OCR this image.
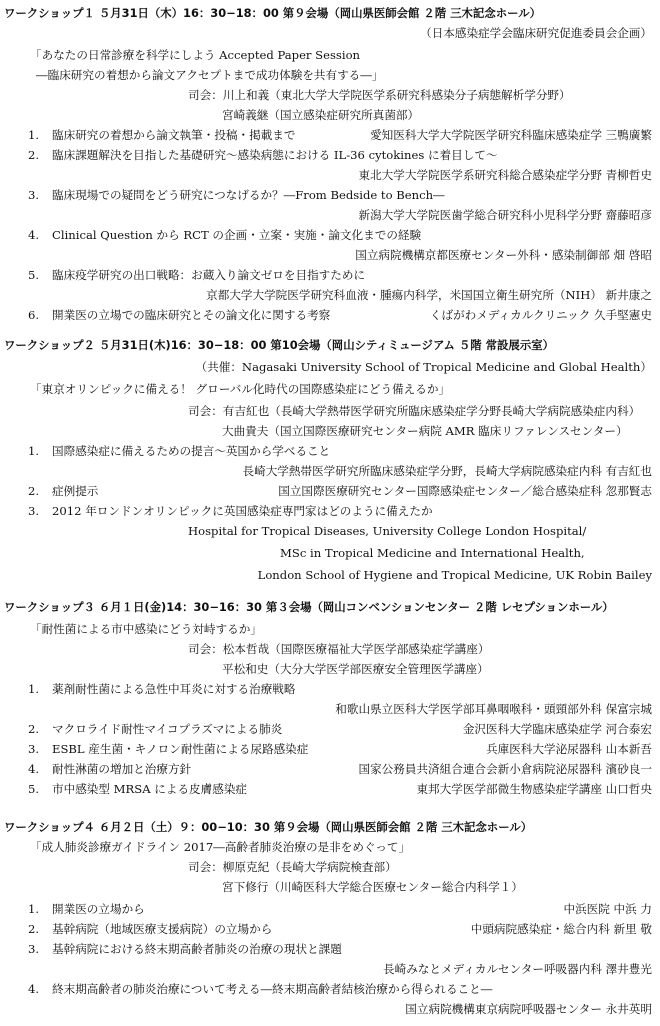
ワークショップ１ ５月31日（木）16：30−18：00 第９会場（岡山県医師会館 ２階 三木記念ホール）
（日本感染症学会臨床研究促進委員会企画）
「あなたの日常診療を科学にしよう Accepted Paper Session
―臨床研究の着想から論文アクセプトまで成功体験を共有する―」
司会：川上和義（東北大学大学院医学系研究科感染分子病態解析学分野）
宮崎義継（国立感染症研究所真菌部）
1. 臨床研究の着想から論文執筆・投稿・掲載まで	愛知医科大学大学院医学研究科臨床感染症学 三鴨廣繁
2. 臨床課題解決を目指した基礎研究〜感染病態における IL-36 cytokines に着目して〜
東北大学大学院医学系研究科総合感染症学分野 青柳哲史
3. 臨床現場での疑問をどう研究につなげるか？―From Bedside to Bench―
新潟大学大学院医歯学総合研究科小児科学分野 齋藤昭彦
4. Clinical Question から RCT の企画・立案・実施・論文化までの経験
国立病院機構京都医療センター外科・感染制御部 畑 啓昭
5. 臨床疫学研究の出口戦略：お蔵入り論文ゼロを目指すために
京都大学大学院医学研究科血液・腫瘍内科学，米国国立衛生研究所（NIH） 新井康之
6. 開業医の立場での臨床研究とその論文化に関する考察	くばがわメディカルクリニック 久手堅憲史
ワークショップ２ ５月31日(木)16：30−18：00 第10会場（岡山シティミュージアム ５階 常設展示室）
（共催：Nagasaki University School of Tropical Medicine and Global Health）
「東京オリンピックに備える！ グローバル化時代の国際感染症にどう備えるか」
司会：有吉紅也（長崎大学熱帯医学研究所臨床感染症学分野長崎大学病院感染症内科）
大曲貴夫（国立国際医療研究センター病院 AMR 臨床リファレンスセンター）
1. 国際感染症に備えるための提言〜英国から学べること
長崎大学熱帯医学研究所臨床感染症学分野，長崎大学病院感染症内科 有吉紅也
2. 症例提示	国立国際医療研究センター国際感染症センター／総合感染症科 忽那賢志
3. 2012 年ロンドンオリンピックに英国感染症専門家はどのように備えたか
Hospital for Tropical Diseases, University College London Hospital/
MSc in Tropical Medicine and International Health,
London School of Hygiene and Tropical Medicine, UK Robin Bailey
ワークショップ３ ６月１日(金)14：30−16：30 第３会場（岡山コンベンションセンター ２階 レセプションホール）
「耐性菌による市中感染にどう対峙するか」
司会：松本哲哉（国際医療福祉大学医学部感染症学講座）
平松和史（大分大学医学部医療安全管理医学講座）
1. 薬剤耐性菌による急性中耳炎に対する治療戦略
和歌山県立医科大学医学部耳鼻咽喉科・頭頸部外科 保富宗城
2. マクロライド耐性マイコプラズマによる肺炎	金沢医科大学臨床感染症学 河合泰宏
3. ESBL 産生菌・キノロン耐性菌による尿路感染症	兵庫医科大学泌尿器科 山本新吾
4. 耐性淋菌の増加と治療方針	国家公務員共済組合連合会新小倉病院泌尿器科 濱砂良一
5. 市中感染型 MRSA による皮膚感染症	東邦大学医学部微生物感染症学講座 山口哲央
ワークショップ４ ６月２日（土）９：00−10：30 第９会場（岡山県医師会館 ２階 三木記念ホール）
「成人肺炎診療ガイドライン 2017―高齢者肺炎治療の是非をめぐって」
司会：柳原克紀（長崎大学病院検査部）
宮下修行（川崎医科大学総合医療センター総合内科学１）
1. 開業医の立場から	中浜医院 中浜 力
2. 基幹病院（地域医療支援病院）の立場から	中頭病院感染症・総合内科 新里 敬
3. 基幹病院における終末期高齢者肺炎の治療の現状と課題
長崎みなとメディカルセンター呼吸器内科 澤井豊光
4. 終末期高齢者の肺炎治療について考える―終末期高齢者結核治療から得られること―
国立病院機構東京病院呼吸器センター 永井英明
